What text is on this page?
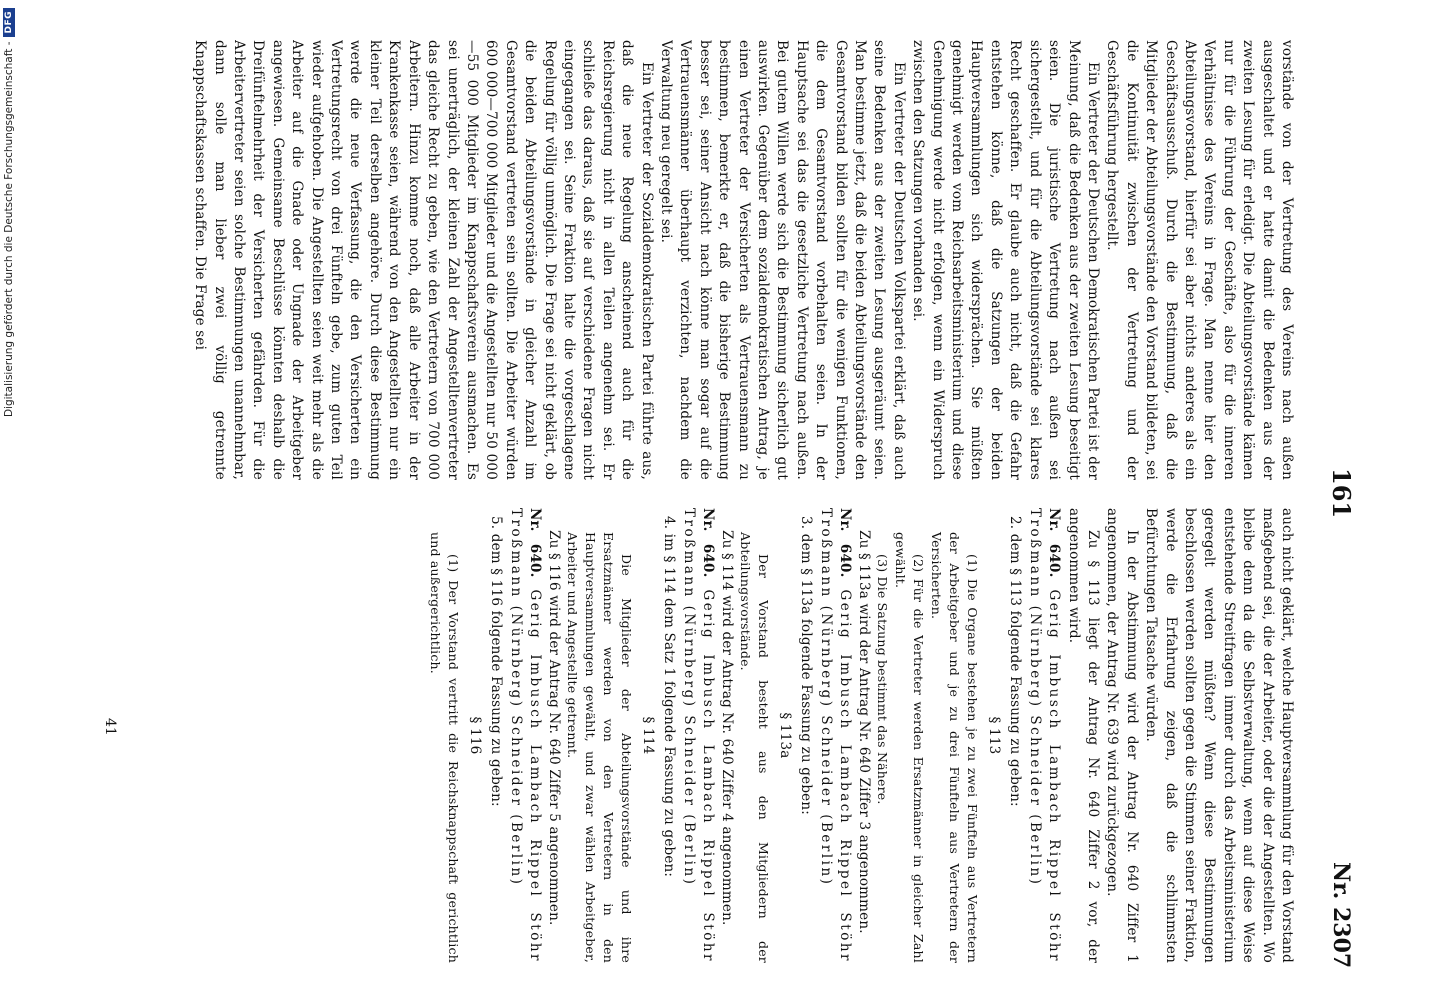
161
Nr. 2307

vorstände von der Vertretung des Vereins nach außen ausgeschaltet und er hatte damit die Bedenken aus der zweiten Lesung für erledigt. Die Abteilungsvorstände kämen nur für die Führung der Geschäfte, also für die inneren Verhältnisse des Vereins in Frage. Man nenne hier den Abteilungsvorstand, hierfür sei aber nichts anderes als ein Geschäftsausschuß. Durch die Bestimmung, daß die Mitglieder der Abteilungsvorstände den Vorstand bildeten, sei die Kontinuität zwischen der Vertretung und der Geschäftsführung hergestellt.

Ein Vertreter der Deutschen Demokratischen Partei ist der Meinung, daß die Bedenken aus der zweiten Lesung beseitigt seien. Die juristische Vertretung nach außen sei sichergestellt, und für die Abteilungsvorstände sei klares Recht geschaffen. Er glaube auch nicht, daß die Gefahr entstehen könne, daß die Satzungen der beiden Hauptversammlungen sich widersprächen. Sie müßten genehmigt werden vom Reichsarbeitsministerium und diese Genehmigung werde nicht erfolgen, wenn ein Widerspruch zwischen den Satzungen vorhanden sei.

Ein Vertreter der Deutschen Volkspartei erklärt, daß auch seine Bedenken aus der zweiten Lesung ausgeräumt seien. Man bestimme jetzt, daß die beiden Abteilungsvorstände den Gesamtvorstand bilden sollten für die wenigen Funktionen, die dem Gesamtvorstand vorbehalten seien. In der Hauptsache sei das die gesetzliche Vertretung nach außen. Bei gutem Willen werde sich die Bestimmung sicherlich gut auswirken. Gegenüber dem sozialdemokratischen Antrag, je einen Vertreter der Versicherten als Vertrauensmann zu bestimmen, bemerkte er, daß die bisherige Bestimmung besser sei, seiner Ansicht nach könne man sogar auf die Vertrauensmänner überhaupt verzichten, nachdem die Verwaltung neu geregelt sei.

Ein Vertreter der Sozialdemokratischen Partei führte aus, daß die neue Regelung anscheinend auch für die Reichsregierung nicht in allen Teilen angenehm sei. Er schließe das daraus, daß sie auf verschiedene Fragen nicht eingegangen sei. Seine Fraktion halte die vorgeschlagene Regelung für völlig unmöglich. Die Frage sei nicht geklärt, ob die beiden Abteilungsvorstände in gleicher Anzahl im Gesamtvorstand vertreten sein sollten. Die Arbeiter würden 600 000—700 000 Mitglieder und die Angestellten nur 50 000—55 000 Mitglieder im Knappschaftsverein ausmachen. Es sei unerträglich, der kleinen Zahl der Angestelltenvertreter das gleiche Recht zu geben, wie den Vertretern von 700 000 Arbeitern. Hinzu komme noch, daß alle Arbeiter in der Krankenkasse seien, während von den Angestellten nur ein kleiner Teil derselben angehöre. Durch diese Bestimmung werde die neue Verfassung, die den Versicherten ein Vertretungsrecht von drei Fünfteln gebe, zum guten Teil wieder aufgehoben. Die Angestellten seien weit mehr als die Arbeiter auf die Gnade oder Ungnade der Arbeitgeber angewiesen. Gemeinsame Beschlüsse könnten deshalb die Dreifünftelmehrheit der Versicherten gefährden. Für die Arbeitervertreter seien solche Bestimmungen unannehmbar, dann solle man lieber zwei völlig getrennte Knappschaftskassen schaffen. Die Frage sei

auch nicht geklärt, welche Hauptversammlung für den Vorstand maßgebend sei, die der Arbeiter, oder die der Angestellten. Wo bleibe denn da die Selbstverwaltung, wenn auf diese Weise entstehende Streitfragen immer durch das Arbeitsministerium geregelt werden müßten? Wenn diese Bestimmungen beschlossen werden sollten gegen die Stimmen seiner Fraktion, werde die Erfahrung zeigen, daß die schlimmsten Befürchtungen Tatsache würden.

In der Abstimmung wird der Antrag Nr. 640 Ziffer 1 angenommen, der Antrag Nr. 639 wird zurückgezogen.

Zu § 113 liegt der Antrag Nr. 640 Ziffer 2 vor, der angenommen wird.

Nr. 640. Gerig Imbusch Lambach Rippel Stöhr Troßmann (Nürnberg) Schneider (Berlin)

2. dem § 113 folgende Fassung zu geben:

§ 113

(1) Die Organe bestehen je zu zwei Fünfteln aus Vertretern der Arbeitgeber und je zu drei Fünfteln aus Vertretern der Versicherten.

(2) Für die Vertreter werden Ersatzmänner in gleicher Zahl gewählt.

(3) Die Satzung bestimmt das Nähere.

Zu § 113a wird der Antrag Nr. 640 Ziffer 3 angenommen.

Nr. 640. Gerig Imbusch Lambach Rippel Stöhr Troßmann (Nürnberg) Schneider (Berlin)

3. dem § 113a folgende Fassung zu geben:

§ 113a

Der Vorstand besteht aus den Mitgliedern der Abteilungsvorstände.

Zu § 114 wird der Antrag Nr. 640 Ziffer 4 angenommen.

Nr. 640. Gerig Imbusch Lambach Rippel Stöhr Troßmann (Nürnberg) Schneider (Berlin)

4. im § 114 dem Satz 1 folgende Fassung zu geben:

§ 114

Die Mitglieder der Abteilungsvorstände und ihre Ersatzmänner werden von den Vertretern in den Hauptversammlungen gewählt, und zwar wählen Arbeitgeber, Arbeiter und Angestellte getrennt.

Zu § 116 wird der Antrag Nr. 640 Ziffer 5 angenommen.

Nr. 640. Gerig Imbusch Lambach Rippel Stöhr Troßmann (Nürnberg) Schneider (Berlin)

5. dem § 116 folgende Fassung zu geben:

§ 116

(1) Der Vorstand vertritt die Reichsknappschaft gerichtlich und außergerichtlich.

41
Digitalisierung gefördert durch die Deutsche Forschungsgemeinschaft -
DFG
